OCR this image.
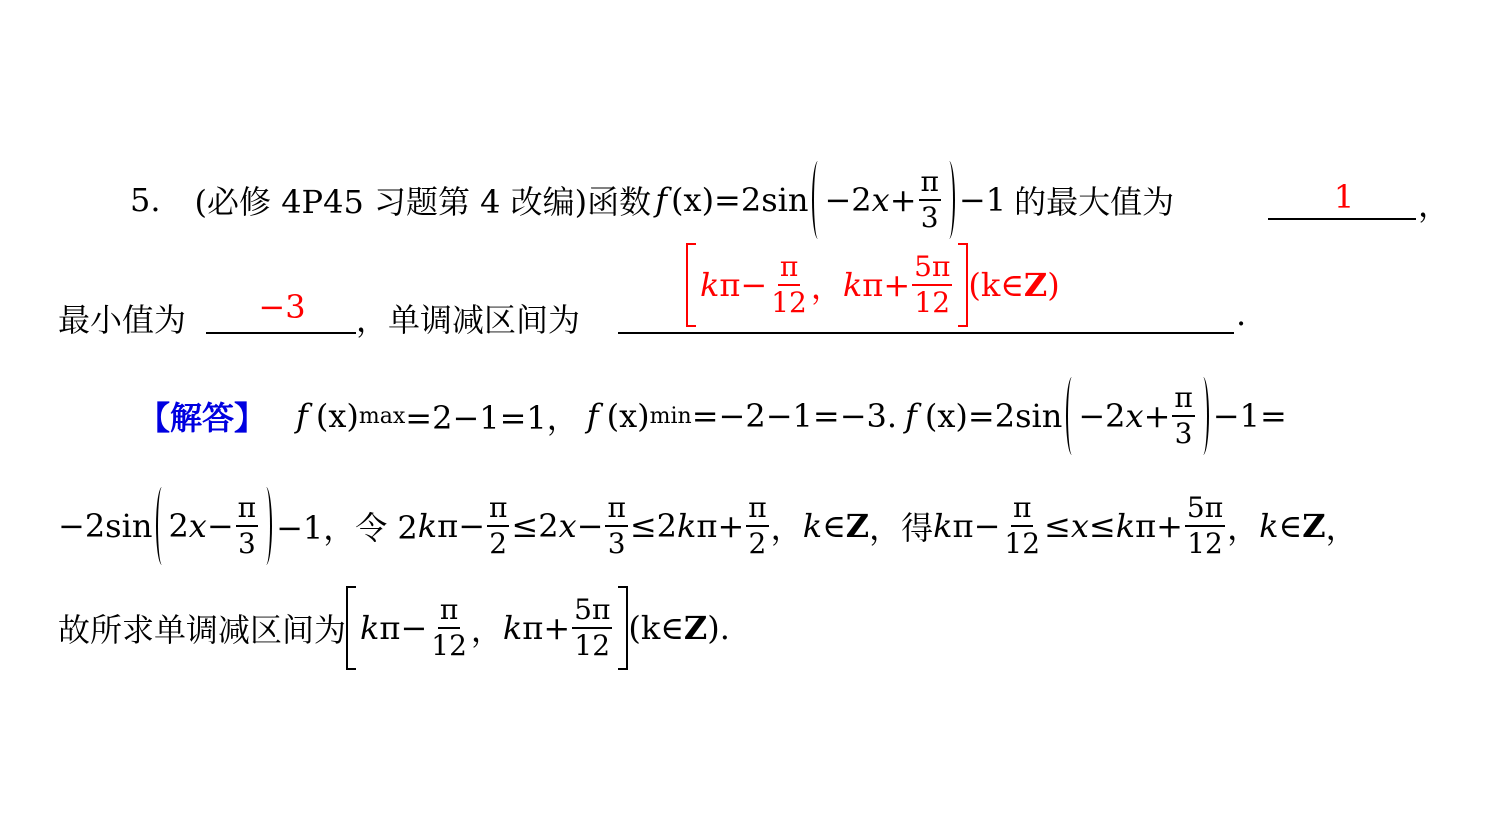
5. (必修 4P45 习题第 4 改编) 函数 f (x) =2sin −2 $x + \frac{\pi}{3} -1$ 的最大值为	1	，
最小值为	−3	，单调减区间为
k $\pi - \frac{\pi}{12}$ ， k $\pi + \frac{5\pi}{12}$ (k∈ Z )
.
【解答】 f (x) max =2−1=1， f (x) min =−2−1=−3. f (x) =2sin −2 $x + \frac{\pi}{3} -1=$
−2sin 2 $x - \frac{\pi}{3} -1$，令 2 k $\pi- \frac{\pi}{2} \le 2$ $x - \frac{\pi}{3} \le 2$ k $\pi+ \frac{\pi}{2}$ ， k ∈ Z ，得 k $\pi- \frac{\pi}{12} \le x \le k$ $\pi+ \frac{5\pi}{12}$ ， k ∈ Z ，
故所求单调减区间为 k $\pi- \frac{\pi}{12}$ ， k $\pi+ \frac{5\pi}{12}$ (k∈ Z ).
